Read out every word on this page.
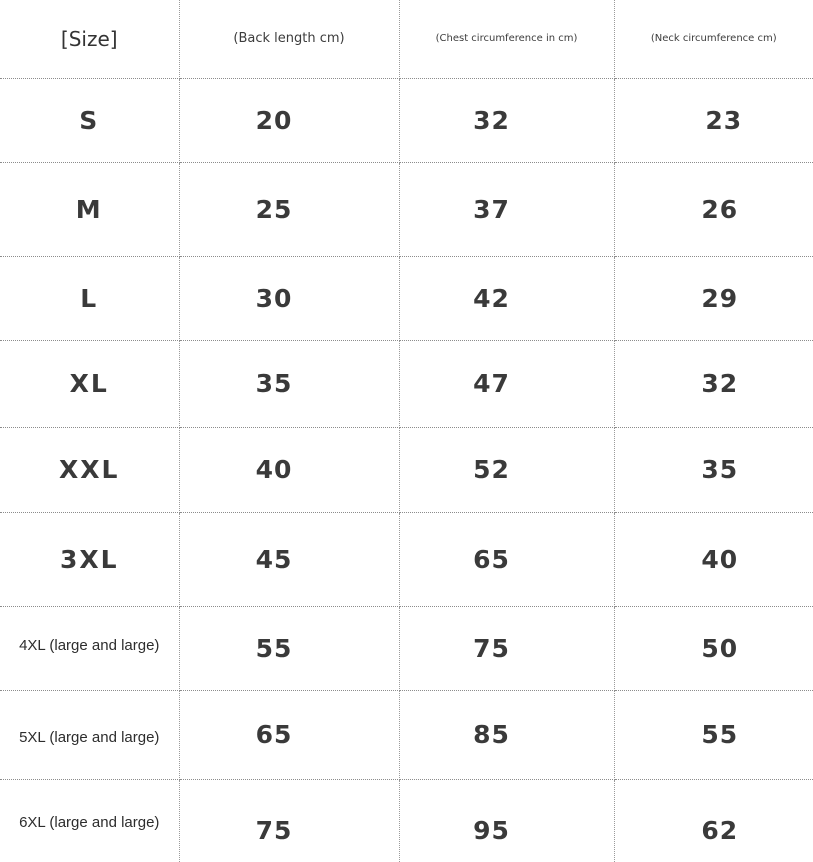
[Size]	(Back length cm)	(Chest circumference in cm)	(Neck circumference cm)
S	20	32	23
M	25	37	26
L	30	42	29
XL	35	47	32
XXL	40	52	35
3XL	45	65	40
4XL (large and large)	55	75	50
5XL (large and large)	65	85	55
6XL (large and large)	75	95	62
